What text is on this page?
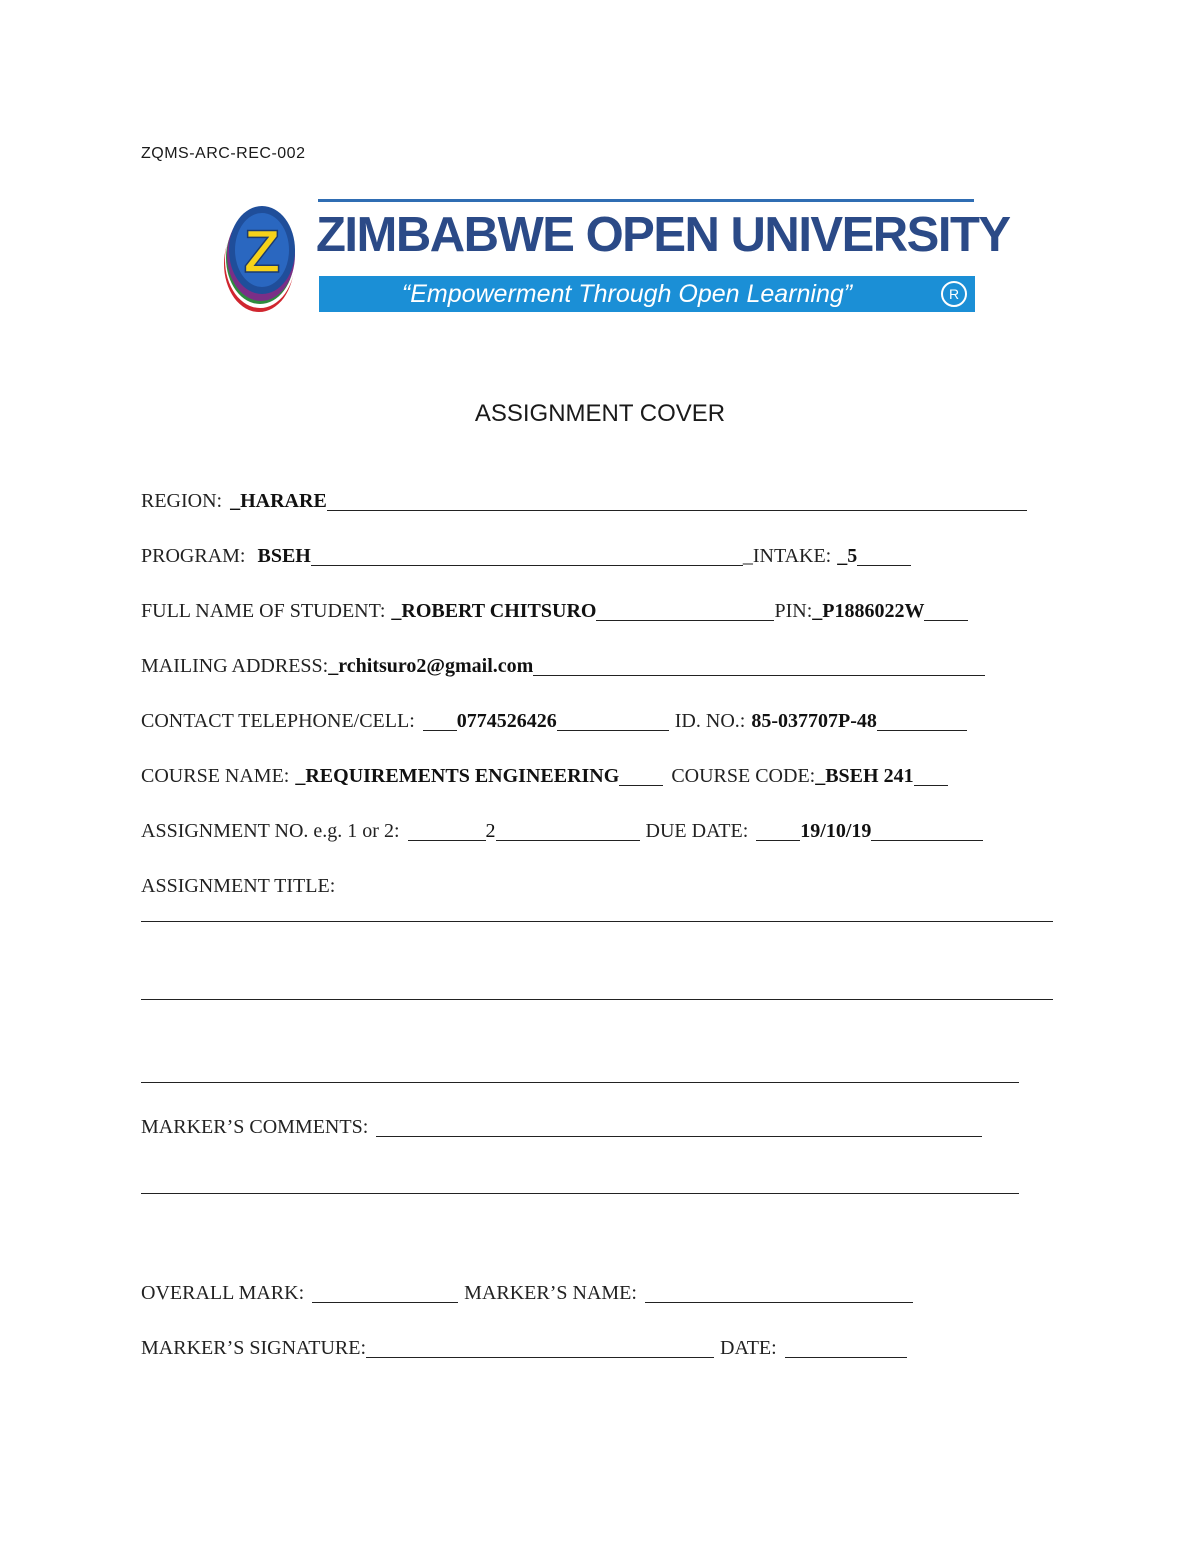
ZQMS-ARC-REC-002
Z ZIMBABWE OPEN UNIVERSITY
“Empowerment Through Open Learning”	R
ASSIGNMENT COVER
REGION: _HARARE
PROGRAM: BSEH	_INTAKE: _5
FULL NAME OF STUDENT: _ROBERT CHITSURO	PIN: _P1886022W
MAILING ADDRESS: _rchitsuro2@gmail.com
CONTACT TELEPHONE/CELL: 0774526426	ID. NO.: 85-037707P-48
COURSE NAME: _REQUIREMENTS ENGINEERING	COURSE CODE: _BSEH 241
ASSIGNMENT NO. e.g. 1 or 2:	2	DUE DATE:	19/10/19
ASSIGNMENT TITLE:
MARKER’S COMMENTS:
OVERALL MARK:	MARKER’S NAME:
MARKER’S SIGNATURE:	DATE:
